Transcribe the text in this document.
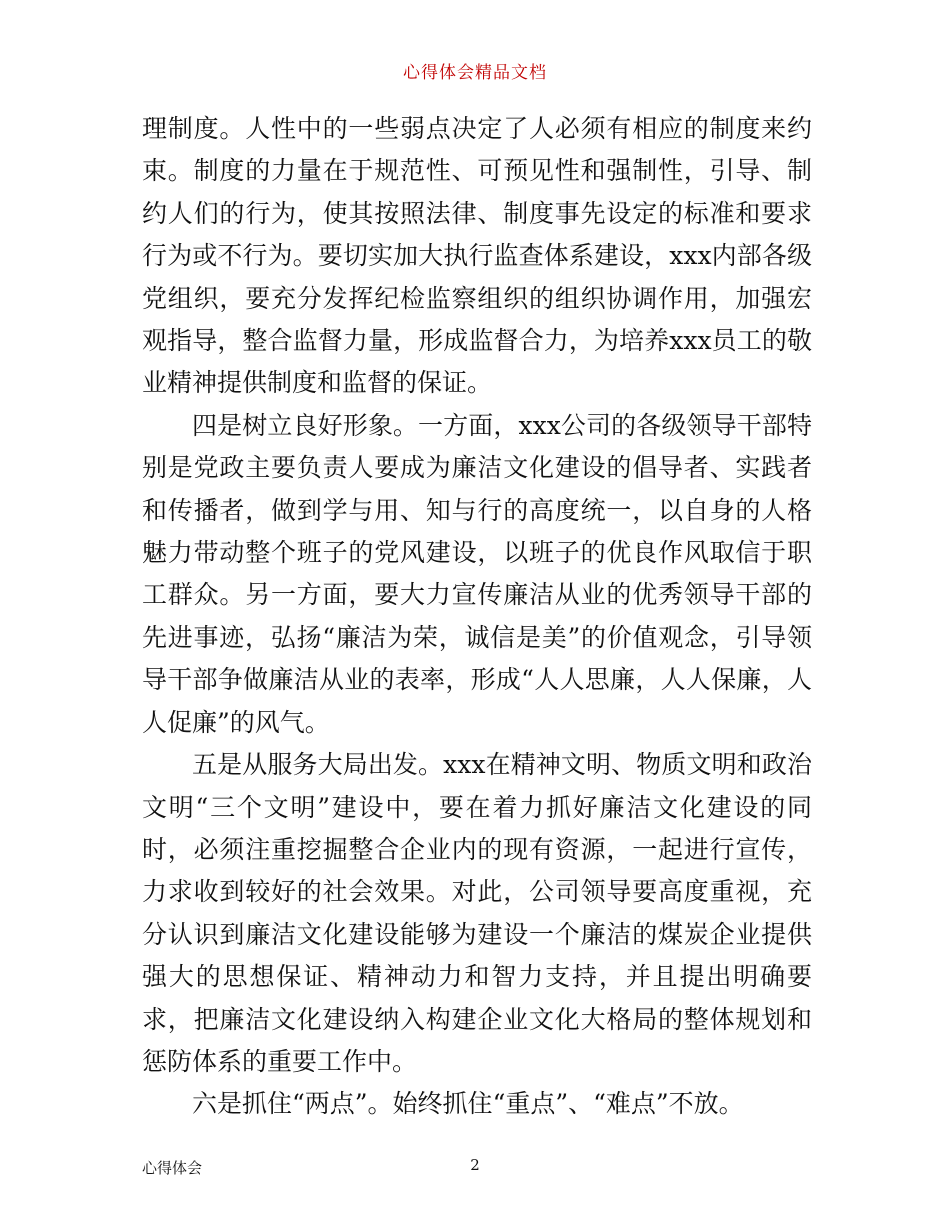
心得体会精品文档

理制度。人性中的一些弱点决定了人必须有相应的制度来约束。制度的力量在于规范性、可预见性和强制性，引导、制约人们的行为，使其按照法律、制度事先设定的标准和要求行为或不行为。要切实加大执行监查体系建设，xxx内部各级党组织，要充分发挥纪检监察组织的组织协调作用，加强宏观指导，整合监督力量，形成监督合力，为培养xxx员工的敬业精神提供制度和监督的保证。

四是树立良好形象。一方面，xxx公司的各级领导干部特别是党政主要负责人要成为廉洁文化建设的倡导者、实践者和传播者，做到学与用、知与行的高度统一，以自身的人格魅力带动整个班子的党风建设，以班子的优良作风取信于职工群众。另一方面，要大力宣传廉洁从业的优秀领导干部的先进事迹，弘扬“廉洁为荣，诚信是美”的价值观念，引导领导干部争做廉洁从业的表率，形成“人人思廉，人人保廉，人人促廉”的风气。

五是从服务大局出发。xxx在精神文明、物质文明和政治文明“三个文明”建设中，要在着力抓好廉洁文化建设的同时，必须注重挖掘整合企业内的现有资源，一起进行宣传，力求收到较好的社会效果。对此，公司领导要高度重视，充分认识到廉洁文化建设能够为建设一个廉洁的煤炭企业提供强大的思想保证、精神动力和智力支持，并且提出明确要求，把廉洁文化建设纳入构建企业文化大格局的整体规划和惩防体系的重要工作中。

六是抓住“两点”。始终抓住“重点”、“难点”不放。

心得体会	2
